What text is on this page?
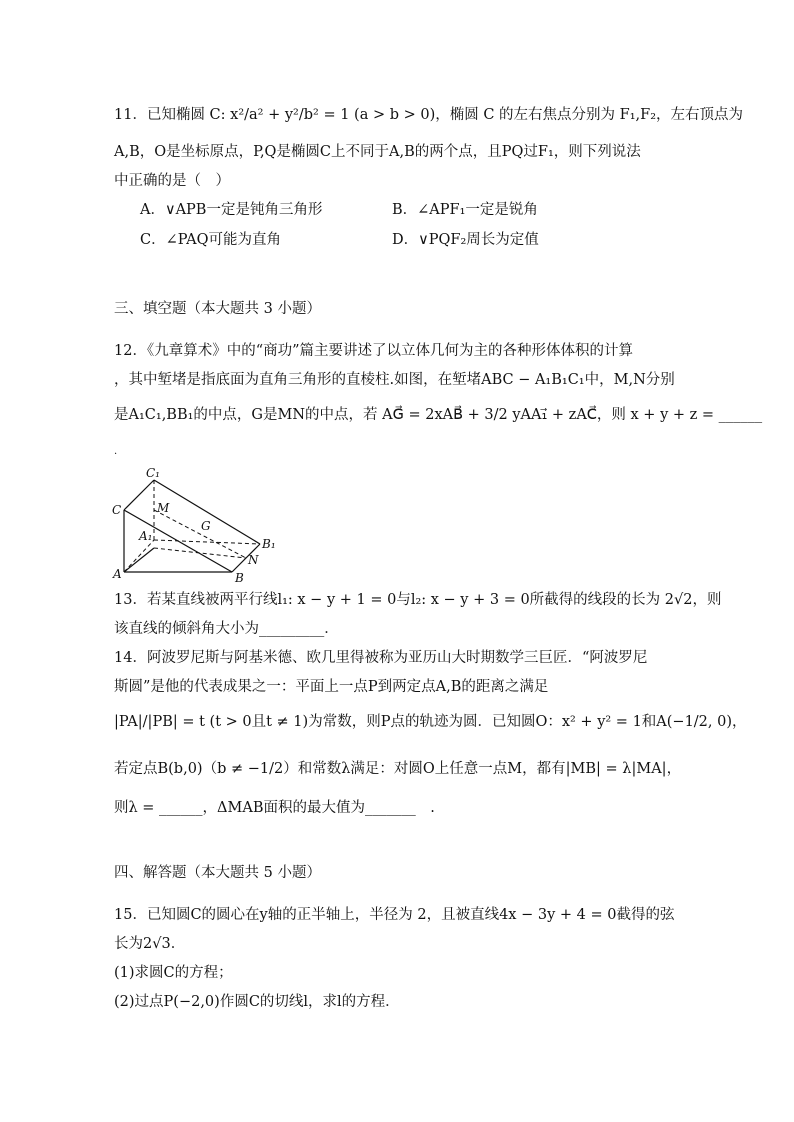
11．已知椭圆 C: x²/a² + y²/b² = 1 (a > b > 0)，椭圆 C 的左右焦点分别为 F₁,F₂，左右顶点为
A,B，O是坐标原点，P,Q是椭圆C上不同于A,B的两个点，且PQ过F₁，则下列说法
中正确的是（　）
A．∨APB一定是钝角三角形	B．∠APF₁一定是锐角
C．∠PAQ可能为直角	D．∨PQF₂周长为定值
三、填空题（本大题共 3 小题）
12．《九章算术》中的“商功”篇主要讲述了以立体几何为主的各种形体体积的计算
，其中堑堵是指底面为直角三角形的直棱柱.如图，在堑堵ABC − A₁B₁C₁中，M,N分别
是A₁C₁,BB₁的中点，G是MN的中点，若 AG⃗ = 2xAB⃗ + 3/2 yAA₁⃗ + zAC⃗，则 x + y + z = ______
.
C₁
C	M
G
A₁
B₁
N
A	B
13．若某直线被两平行线l₁: x − y + 1 = 0与l₂: x − y + 3 = 0所截得的线段的长为 2√2，则
该直线的倾斜角大小为_________．
14．阿波罗尼斯与阿基米德、欧几里得被称为亚历山大时期数学三巨匠．“阿波罗尼
斯圆”是他的代表成果之一：平面上一点P到两定点A,B的距离之满足
|PA|/|PB| = t (t > 0且t ≠ 1)为常数，则P点的轨迹为圆．已知圆O：x² + y² = 1和A(−1/2, 0)，
若定点B(b,0)（b ≠ −1/2）和常数λ满足：对圆O上任意一点M，都有|MB| = λ|MA|，
则λ = ______，ΔMAB面积的最大值为_______　.
四、解答题（本大题共 5 小题）
15．已知圆C的圆心在y轴的正半轴上，半径为 2，且被直线4x − 3y + 4 = 0截得的弦
长为2√3．
(1)求圆C的方程；
(2)过点P(−2,0)作圆C的切线l，求l的方程．
